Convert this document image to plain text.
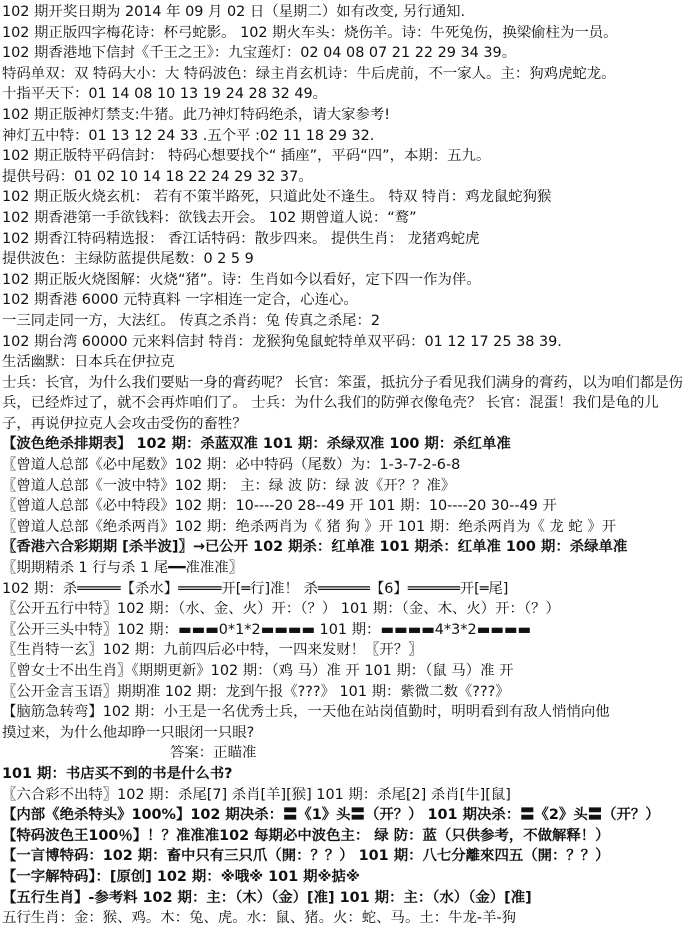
102 期开奖日期为 2014 年 09 月 02 日（星期二）如有改变, 另行通知.
102 期正版四字梅花诗：杯弓蛇影。 102 期火车头：烧伤羊。诗：牛死兔伤，换梁偷柱为一员。
102 期香港地下信封《千王之王》：九宝莲灯：02 04 08 07 21 22 29 34 39。
特码单双：双 特码大小：大 特码波色：绿主肖玄机诗：牛后虎前，不一家人。主：狗鸡虎蛇龙。
十指平天下：01 14 08 10 13 19 24 28 32 49。
102 期正版神灯禁支:牛猪。此乃神灯特码绝杀，请大家参考!
神灯五中特：01 13 12 24 33 .五个平 :02 11 18 29 32.
102 期正版特平码信封： 特码心想要找个“ 插座”，平码“四”，本期：五九。
提供号码：01 02 10 14 18 22 24 29 32 37。
102 期正版火烧玄机： 若有不策半路死，只道此处不逢生。 特双 特肖：鸡龙鼠蛇狗猴
102 期香港第一手欲钱料：欲钱去开会。 102 期曾道人说：“鹜”
102 期香江特码精选报： 香江话特码：散步四来。 提供生肖： 龙猪鸡蛇虎
提供波色：主绿防蓝提供尾数：0 2 5 9
102 期正版火烧图解：火烧“猪”。诗：生肖如今以看好，定下四一作为伴。
102 期香港 6000 元特真料 一字相连一定合，心连心。
一三同走同一方，大法红。 传真之杀肖：兔 传真之杀尾：2
102 期台湾 60000 元来料信封 特肖：龙猴狗兔鼠蛇特单双平码：01 12 17 25 38 39.
生活幽默：日本兵在伊拉克
士兵：长官，为什么我们要贴一身的膏药呢？ 长官：笨蛋，抵抗分子看见我们满身的膏药，以为咱们都是伤兵，已经炸过了，就不会再炸咱们了。 士兵：为什么我们的防弹衣像龟壳？ 长官：混蛋！我们是龟的儿子，再说伊拉克人会攻击受伤的畜牲？
【波色绝杀排期表】 102 期：杀蓝双准 101 期：杀绿双准 100 期：杀红单准
〖曾道人总部《必中尾数》102 期：必中特码（尾数）为：1-3-7-2-6-8
〖曾道人总部《一波中特》102 期： 主：绿 波 防：绿 波《开？？准》
〖曾道人总部《必中特段》102 期：10----20 28--49 开 101 期：10----20 30--49 开
〖曾道人总部《绝杀两肖》102 期：绝杀两肖为《 猪 狗 》开 101 期：绝杀两肖为《 龙 蛇 》开
〖香港六合彩期期 [杀半波]〗→已公开 102 期杀：红单准 101 期杀：红单准 100 期：杀绿单准
〖期期精杀 1 行与杀 1 尾━━准准准〗
102 期：杀═════【杀水】═════开[═行]准！ 杀══════【6】══════开[═尾]
〖公开五行中特〗102 期：（水、金、火）开：（？） 101 期：（金、木、火）开：（？）
〖公开三头中特〗102 期：▬▬▬0*1*2▬▬▬▬ 101 期：▬▬▬▬4*3*2▬▬▬▬
〖生肖特一玄〗102 期：九前四后必中特，一四来发财！〖开？〗
〖曾女士不出生肖〗《期期更新》102 期：（鸡 马）准 开 101 期：（鼠 马）准 开
〖公开金言玉语〗期期准 102 期：龙到午报《???》 101 期：紫微二数《???》
【脑筋急转弯】102 期：小王是一名优秀士兵，一天他在站岗值勤时，明明看到有敌人悄悄向他
摸过来，为什么他却睁一只眼闭一只眼?
答案：正瞄准
101 期：书店买不到的书是什么书?
〖六合彩不出特〗102 期：杀尾[7] 杀肖[羊][猴] 101 期：杀尾[2] 杀肖[牛][鼠]
【内部《绝杀特头》100%】102 期决杀：〓《1》头〓（开？） 101 期决杀：〓《2》头〓（开？）
【特码波色王100％】！？准准准102 每期必中波色主： 绿 防：蓝（只供参考，不做解释！）
【一言博特码：102 期：畜中只有三只爪（開：？？） 101 期：八七分離來四五（開：？？）
【一字解特码】：[原创] 102 期：※哦※ 101 期※掂※
【五行生肖】-参考料 102 期：主：（木）（金）[准] 101 期：主：（水）（金）[准]
五行生肖：金：猴、鸡。木：兔、虎。水：鼠、猪。火：蛇、马。土：牛龙-羊-狗
